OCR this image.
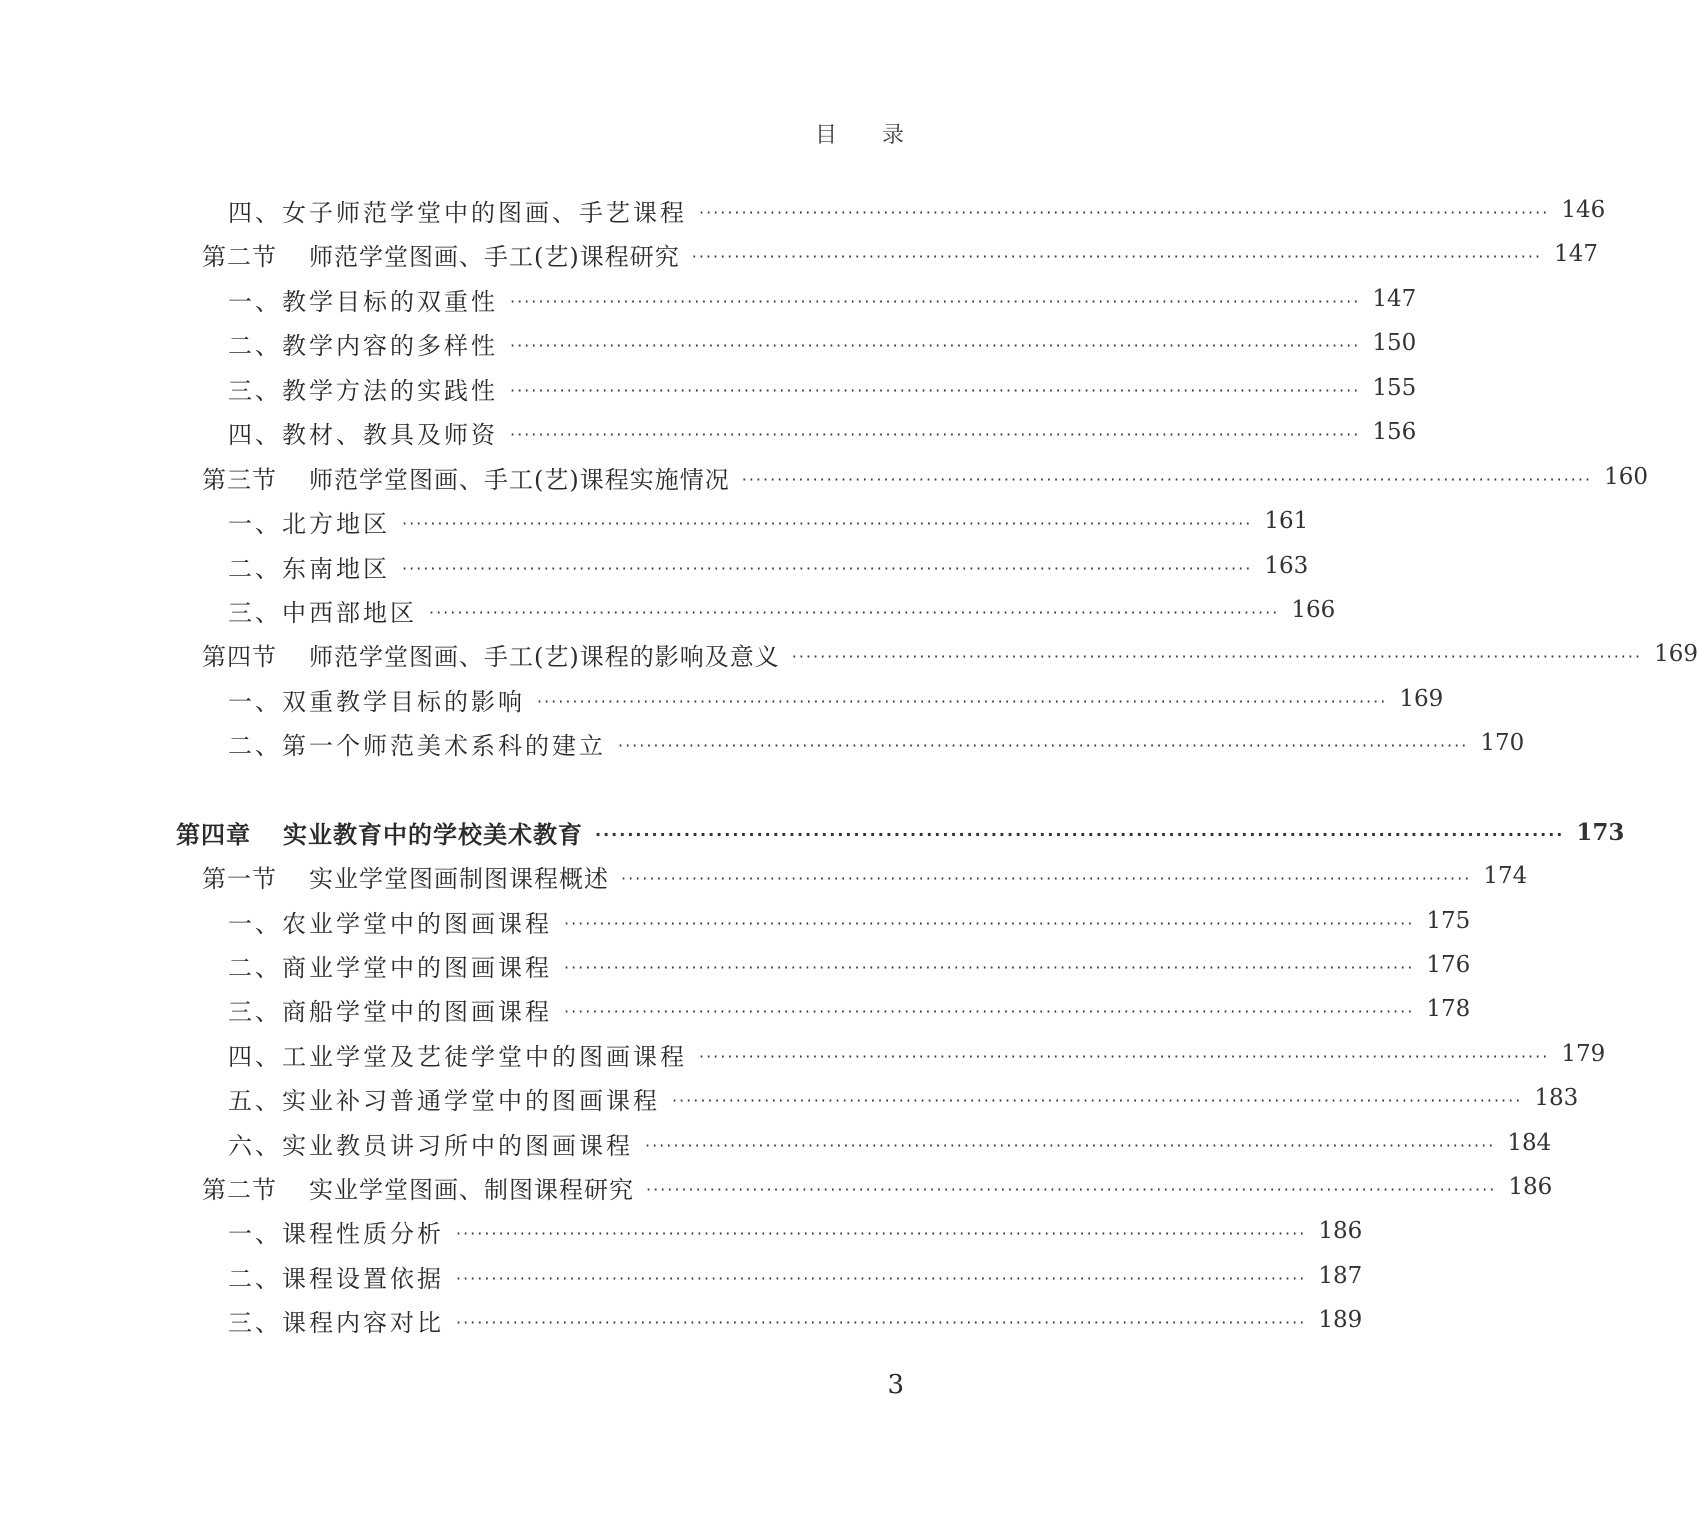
目 录
四、女子师范学堂中的图画、手艺课程 ························································································································ 146
第二节 师范学堂图画、手工(艺)课程研究 ························································································································ 147
一、教学目标的双重性 ························································································································ 147
二、教学内容的多样性 ························································································································ 150
三、教学方法的实践性 ························································································································ 155
四、教材、教具及师资 ························································································································ 156
第三节 师范学堂图画、手工(艺)课程实施情况 ························································································································ 160
一、北方地区 ························································································································ 161
二、东南地区 ························································································································ 163
三、中西部地区 ························································································································ 166
第四节 师范学堂图画、手工(艺)课程的影响及意义 ························································································································ 169
一、双重教学目标的影响 ························································································································ 169
二、第一个师范美术系科的建立 ························································································································ 170
第四章 实业教育中的学校美术教育 ························································································································ 173
第一节 实业学堂图画制图课程概述 ························································································································ 174
一、农业学堂中的图画课程 ························································································································ 175
二、商业学堂中的图画课程 ························································································································ 176
三、商船学堂中的图画课程 ························································································································ 178
四、工业学堂及艺徒学堂中的图画课程 ························································································································ 179
五、实业补习普通学堂中的图画课程 ························································································································ 183
六、实业教员讲习所中的图画课程 ························································································································ 184
第二节 实业学堂图画、制图课程研究 ························································································································ 186
一、课程性质分析 ························································································································ 186
二、课程设置依据 ························································································································ 187
三、课程内容对比 ························································································································ 189
3
